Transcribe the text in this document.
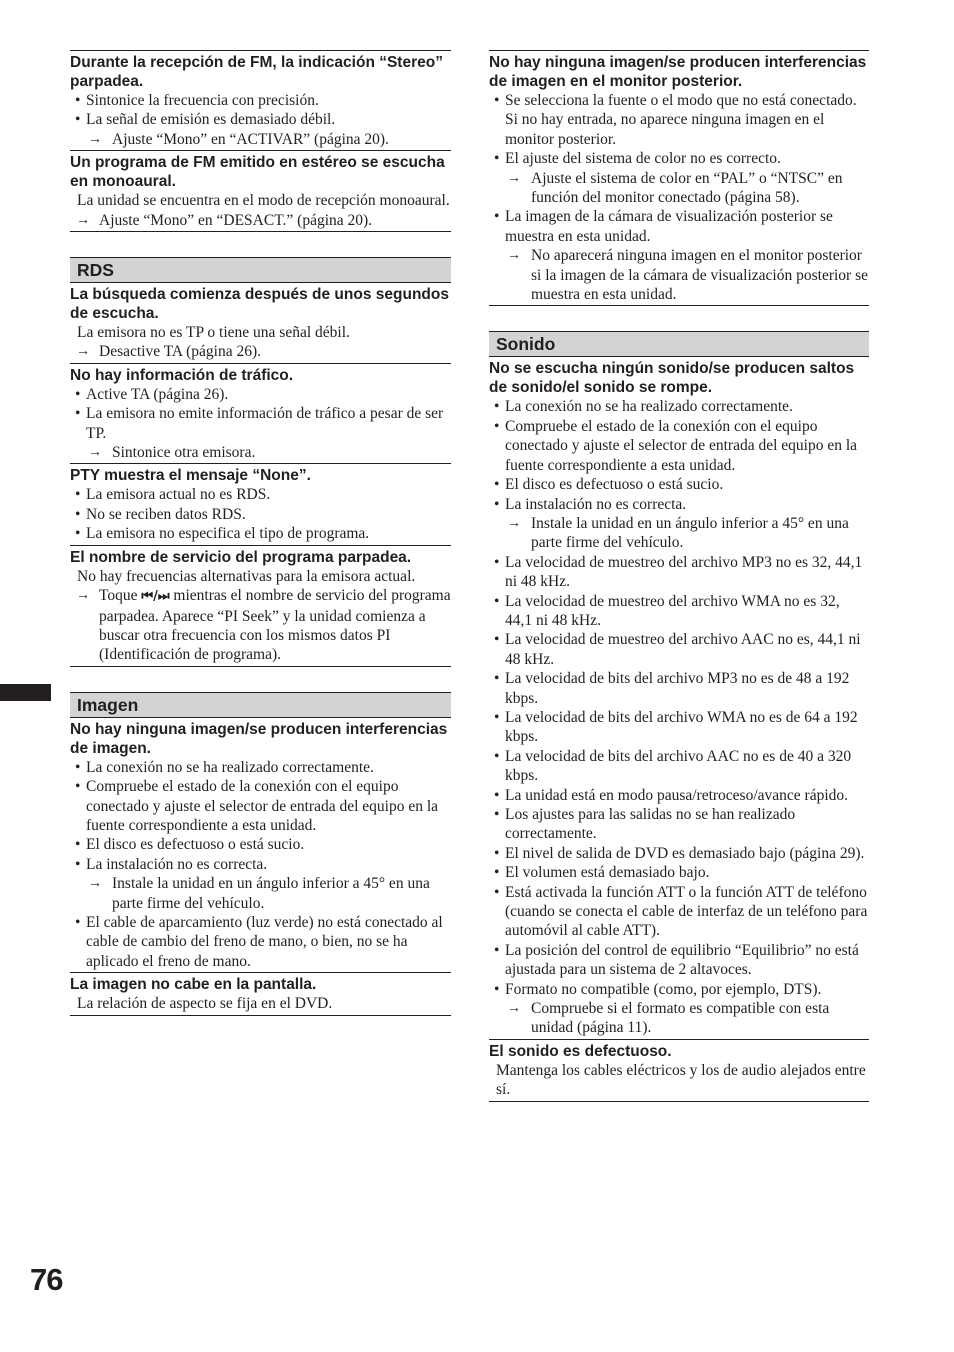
Durante la recepción de FM, la indicación “Stereo” parpadea.

• Sintonice la frecuencia con precisión.
• La señal de emisión es demasiado débil.
→ Ajuste “Mono” en “ACTIVAR” (página 20).

Un programa de FM emitido en estéreo se escucha en monoaural.

La unidad se encuentra en el modo de recepción monoaural.
→ Ajuste “Mono” en “DESACT.” (página 20).
RDS

La búsqueda comienza después de unos segundos de escucha.

La emisora no es TP o tiene una señal débil.
→ Desactive TA (página 26).

No hay información de tráfico.

• Active TA (página 26).
• La emisora no emite información de tráfico a pesar de ser TP.
→ Sintonice otra emisora.

PTY muestra el mensaje “None”.

• La emisora actual no es RDS.
• No se reciben datos RDS.
• La emisora no especifica el tipo de programa.

El nombre de servicio del programa parpadea.

No hay frecuencias alternativas para la emisora actual.
→ Toque ⏮/⏭ mientras el nombre de servicio del programa parpadea. Aparece “PI Seek” y la unidad comienza a buscar otra frecuencia con los mismos datos PI (Identificación de programa).
Imagen

No hay ninguna imagen/se producen interferencias de imagen.

• La conexión no se ha realizado correctamente.
• Compruebe el estado de la conexión con el equipo conectado y ajuste el selector de entrada del equipo en la fuente correspondiente a esta unidad.
• El disco es defectuoso o está sucio.
• La instalación no es correcta.
→ Instale la unidad en un ángulo inferior a 45° en una parte firme del vehículo.
• El cable de aparcamiento (luz verde) no está conectado al cable de cambio del freno de mano, o bien, no se ha aplicado el freno de mano.

La imagen no cabe en la pantalla.

La relación de aspecto se fija en el DVD.

No hay ninguna imagen/se producen interferencias de imagen en el monitor posterior.

• Se selecciona la fuente o el modo que no está conectado. Si no hay entrada, no aparece ninguna imagen en el monitor posterior.
• El ajuste del sistema de color no es correcto.
→ Ajuste el sistema de color en “PAL” o “NTSC” en función del monitor conectado (página 58).
• La imagen de la cámara de visualización posterior se muestra en esta unidad.
→ No aparecerá ninguna imagen en el monitor posterior si la imagen de la cámara de visualización posterior se muestra en esta unidad.
Sonido

No se escucha ningún sonido/se producen saltos de sonido/el sonido se rompe.

• La conexión no se ha realizado correctamente.
• Compruebe el estado de la conexión con el equipo conectado y ajuste el selector de entrada del equipo en la fuente correspondiente a esta unidad.
• El disco es defectuoso o está sucio.
• La instalación no es correcta.
→ Instale la unidad en un ángulo inferior a 45° en una parte firme del vehículo.
• La velocidad de muestreo del archivo MP3 no es 32, 44,1 ni 48 kHz.
• La velocidad de muestreo del archivo WMA no es 32, 44,1 ni 48 kHz.
• La velocidad de muestreo del archivo AAC no es, 44,1 ni 48 kHz.
• La velocidad de bits del archivo MP3 no es de 48 a 192 kbps.
• La velocidad de bits del archivo WMA no es de 64 a 192 kbps.
• La velocidad de bits del archivo AAC no es de 40 a 320 kbps.
• La unidad está en modo pausa/retroceso/avance rápido.
• Los ajustes para las salidas no se han realizado correctamente.
• El nivel de salida de DVD es demasiado bajo (página 29).
• El volumen está demasiado bajo.
• Está activada la función ATT o la función ATT de teléfono (cuando se conecta el cable de interfaz de un teléfono para automóvil al cable ATT).
• La posición del control de equilibrio “Equilibrio” no está ajustada para un sistema de 2 altavoces.
• Formato no compatible (como, por ejemplo, DTS).
→ Compruebe si el formato es compatible con esta unidad (página 11).

El sonido es defectuoso.

Mantenga los cables eléctricos y los de audio alejados entre sí.
76
